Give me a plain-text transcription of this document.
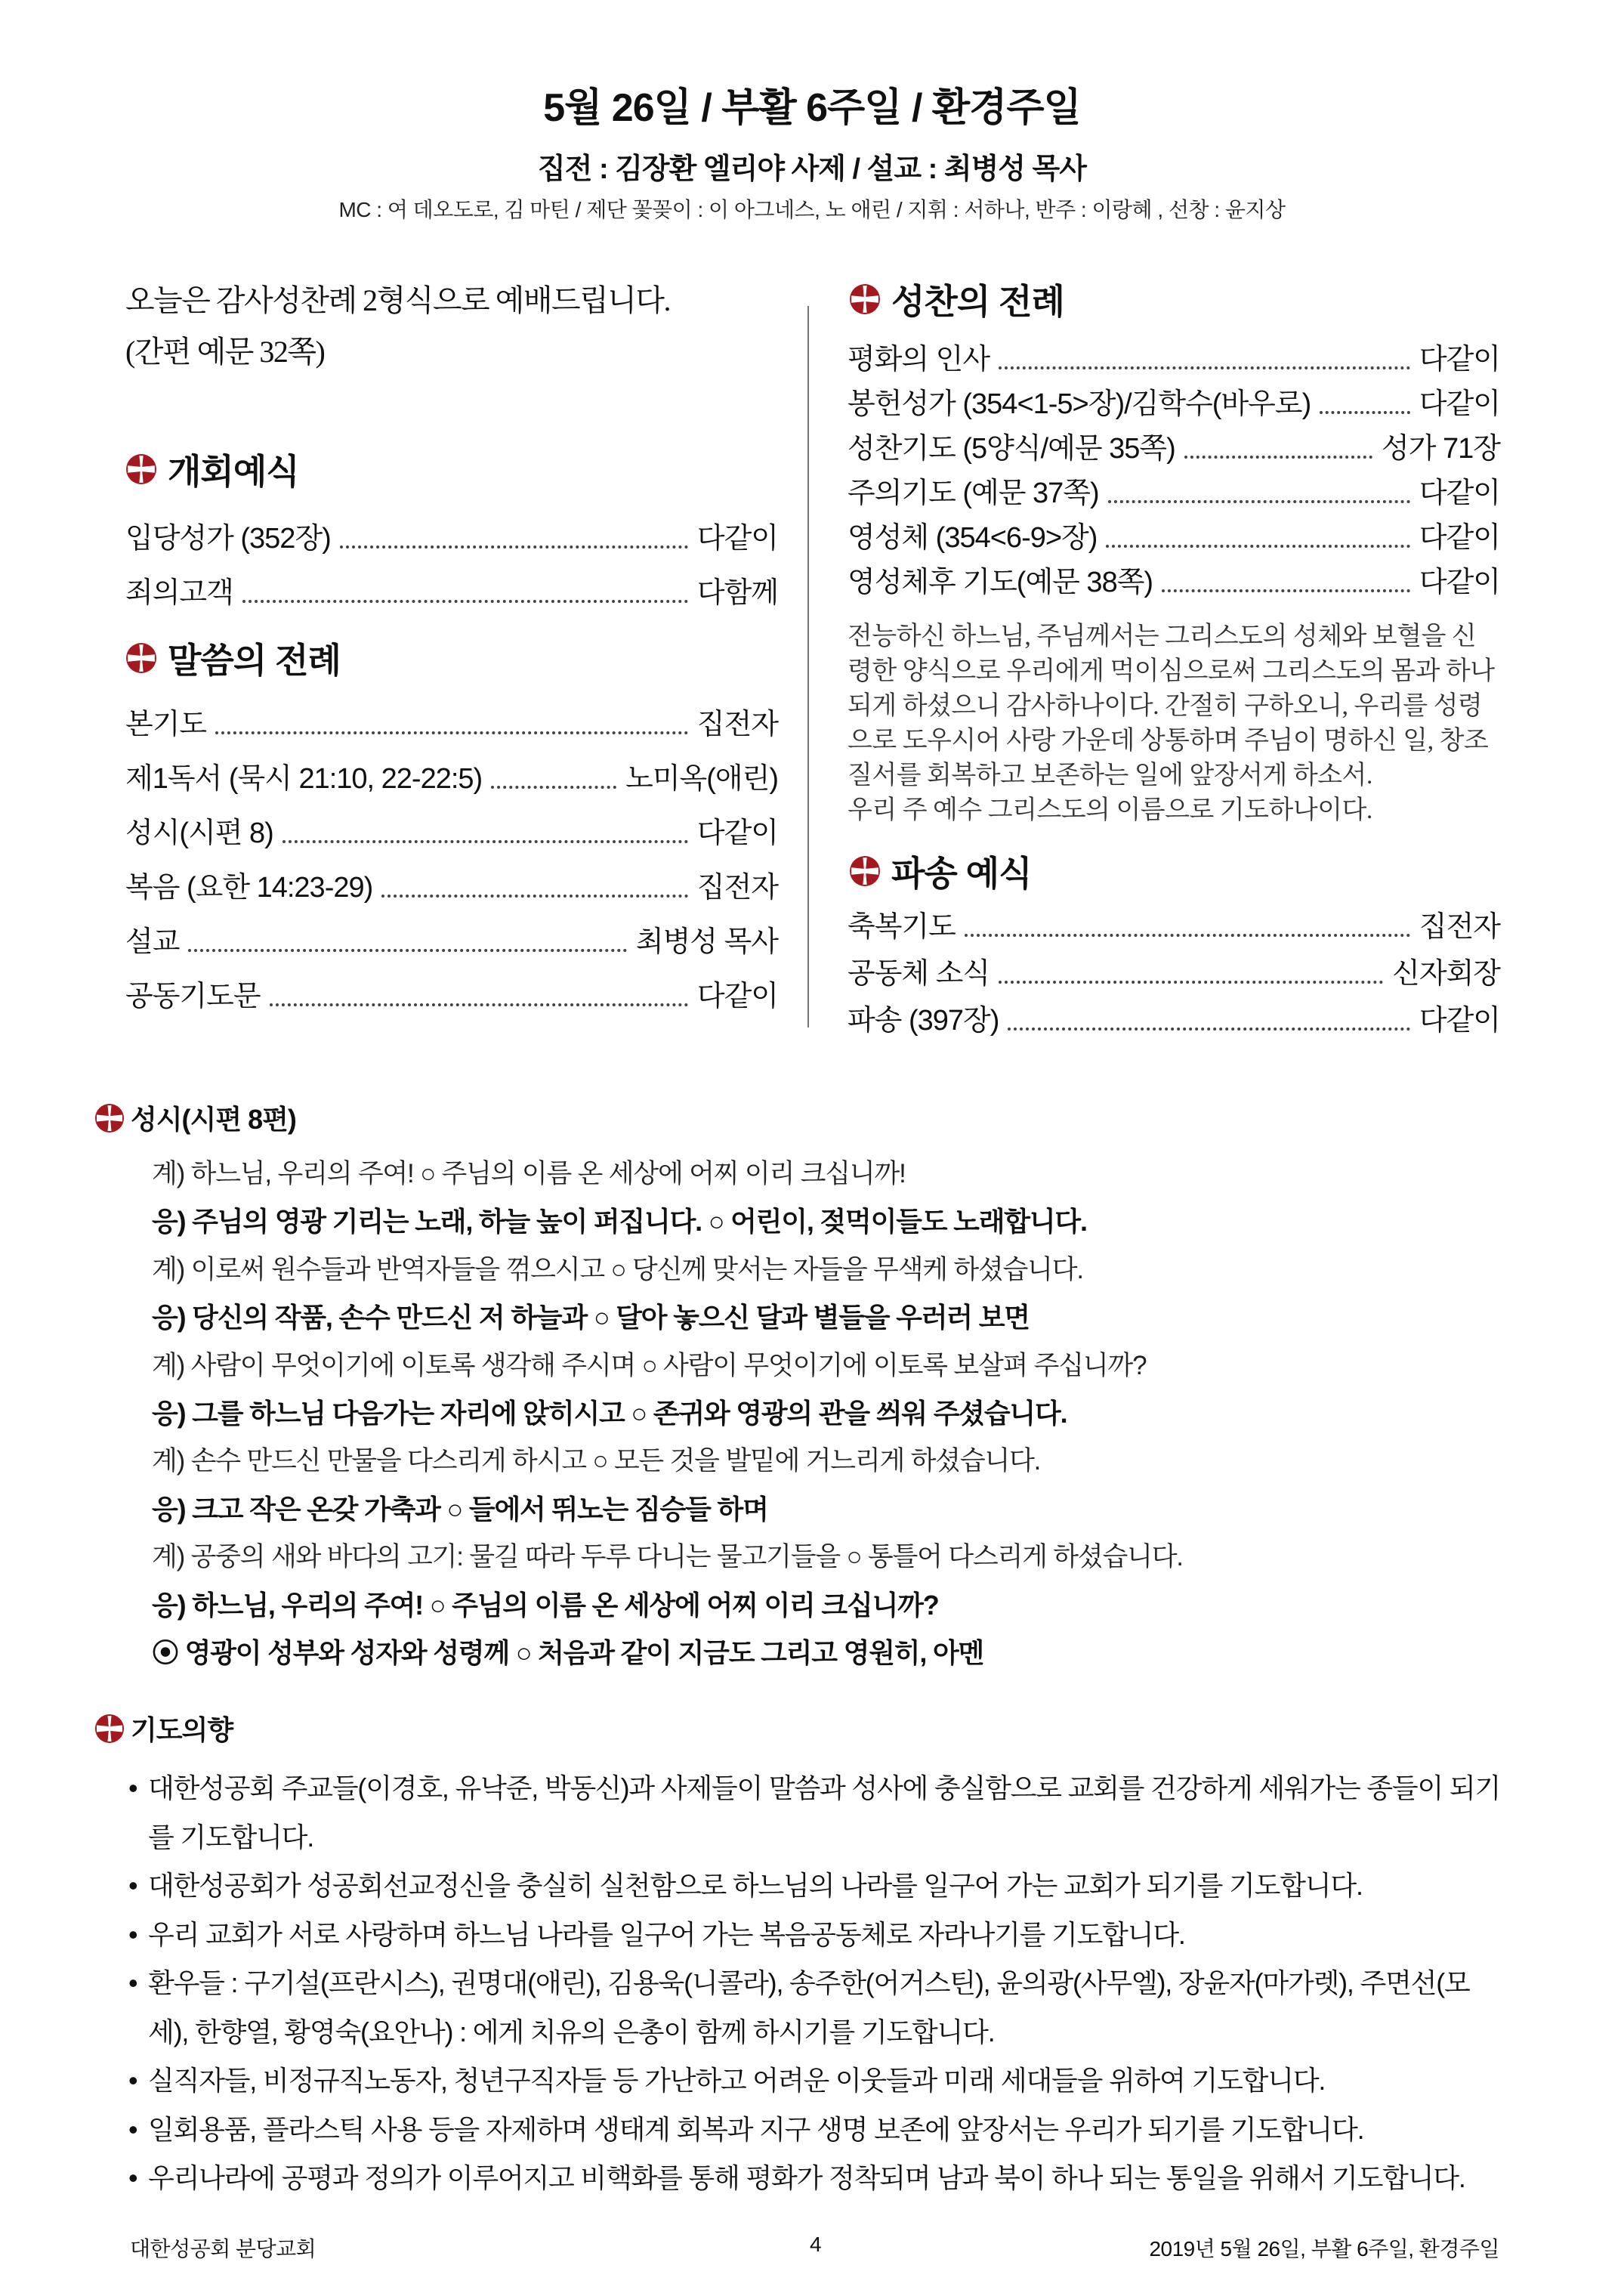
5월 26일 / 부활 6주일 / 환경주일
집전 : 김장환 엘리야 사제 / 설교 : 최병성 목사
MC : 여 데오도로, 김 마틴 / 제단 꽃꽂이 : 이 아그네스, 노 애린 / 지휘 : 서하나, 반주 : 이랑혜 , 선창 : 윤지상
오늘은 감사성찬례 2형식으로 예배드립니다.
(간편 예문 32쪽)
개회예식
입당성가 (352장)	다같이
죄의고객	다함께
말씀의 전례
본기도	집전자
제1독서 (묵시 21:10, 22-22:5)	노미옥(애린)
성시(시편 8)	다같이
복음 (요한 14:23-29)	집전자
설교	최병성 목사
공동기도문	다같이
성찬의 전례
평화의 인사	다같이
봉헌성가 (354<1-5>장)/김학수(바우로)	다같이
성찬기도 (5양식/예문 35쪽)	성가 71장
주의기도 (예문 37쪽)	다같이
영성체 (354<6-9>장)	다같이
영성체후 기도(예문 38쪽)	다같이
전능하신 하느님, 주님께서는 그리스도의 성체와 보혈을 신
령한 양식으로 우리에게 먹이심으로써 그리스도의 몸과 하나
되게 하셨으니 감사하나이다. 간절히 구하오니, 우리를 성령
으로 도우시어 사랑 가운데 상통하며 주님이 명하신 일, 창조
질서를 회복하고 보존하는 일에 앞장서게 하소서.
우리 주 예수 그리스도의 이름으로 기도하나이다.
파송 예식
축복기도	집전자
공동체 소식	신자회장
파송 (397장)	다같이
성시(시편 8편)
계) 하느님, 우리의 주여! ○ 주님의 이름 온 세상에 어찌 이리 크십니까!
응) 주님의 영광 기리는 노래, 하늘 높이 퍼집니다. ○ 어린이, 젖먹이들도 노래합니다.
계) 이로써 원수들과 반역자들을 꺾으시고 ○ 당신께 맞서는 자들을 무색케 하셨습니다.
응) 당신의 작품, 손수 만드신 저 하늘과 ○ 달아 놓으신 달과 별들을 우러러 보면
계) 사람이 무엇이기에 이토록 생각해 주시며 ○ 사람이 무엇이기에 이토록 보살펴 주십니까?
응) 그를 하느님 다음가는 자리에 앉히시고 ○ 존귀와 영광의 관을 씌워 주셨습니다.
계) 손수 만드신 만물을 다스리게 하시고 ○ 모든 것을 발밑에 거느리게 하셨습니다.
응) 크고 작은 온갖 가축과 ○ 들에서 뛰노는 짐승들 하며
계) 공중의 새와 바다의 고기: 물길 따라 두루 다니는 물고기들을 ○ 통틀어 다스리게 하셨습니다.
응) 하느님, 우리의 주여! ○ 주님의 이름 온 세상에 어찌 이리 크십니까?
⦿ 영광이 성부와 성자와 성령께 ○ 처음과 같이 지금도 그리고 영원히, 아멘
기도의향
• 대한성공회 주교들(이경호, 유낙준, 박동신)과 사제들이 말씀과 성사에 충실함으로 교회를 건강하게 세워가는 종들이 되기를 기도합니다.
• 대한성공회가 성공회선교정신을 충실히 실천함으로 하느님의 나라를 일구어 가는 교회가 되기를 기도합니다.
• 우리 교회가 서로 사랑하며 하느님 나라를 일구어 가는 복음공동체로 자라나기를 기도합니다.
• 환우들 : 구기설(프란시스), 권명대(애린), 김용욱(니콜라), 송주한(어거스틴), 윤의광(사무엘), 장윤자(마가렛), 주면선(모세), 한향열, 황영숙(요안나) : 에게 치유의 은총이 함께 하시기를 기도합니다.
• 실직자들, 비정규직노동자, 청년구직자들 등 가난하고 어려운 이웃들과 미래 세대들을 위하여 기도합니다.
• 일회용품, 플라스틱 사용 등을 자제하며 생태계 회복과 지구 생명 보존에 앞장서는 우리가 되기를 기도합니다.
• 우리나라에 공평과 정의가 이루어지고 비핵화를 통해 평화가 정착되며 남과 북이 하나 되는 통일을 위해서 기도합니다.
대한성공회 분당교회	4	2019년 5월 26일, 부활 6주일, 환경주일
